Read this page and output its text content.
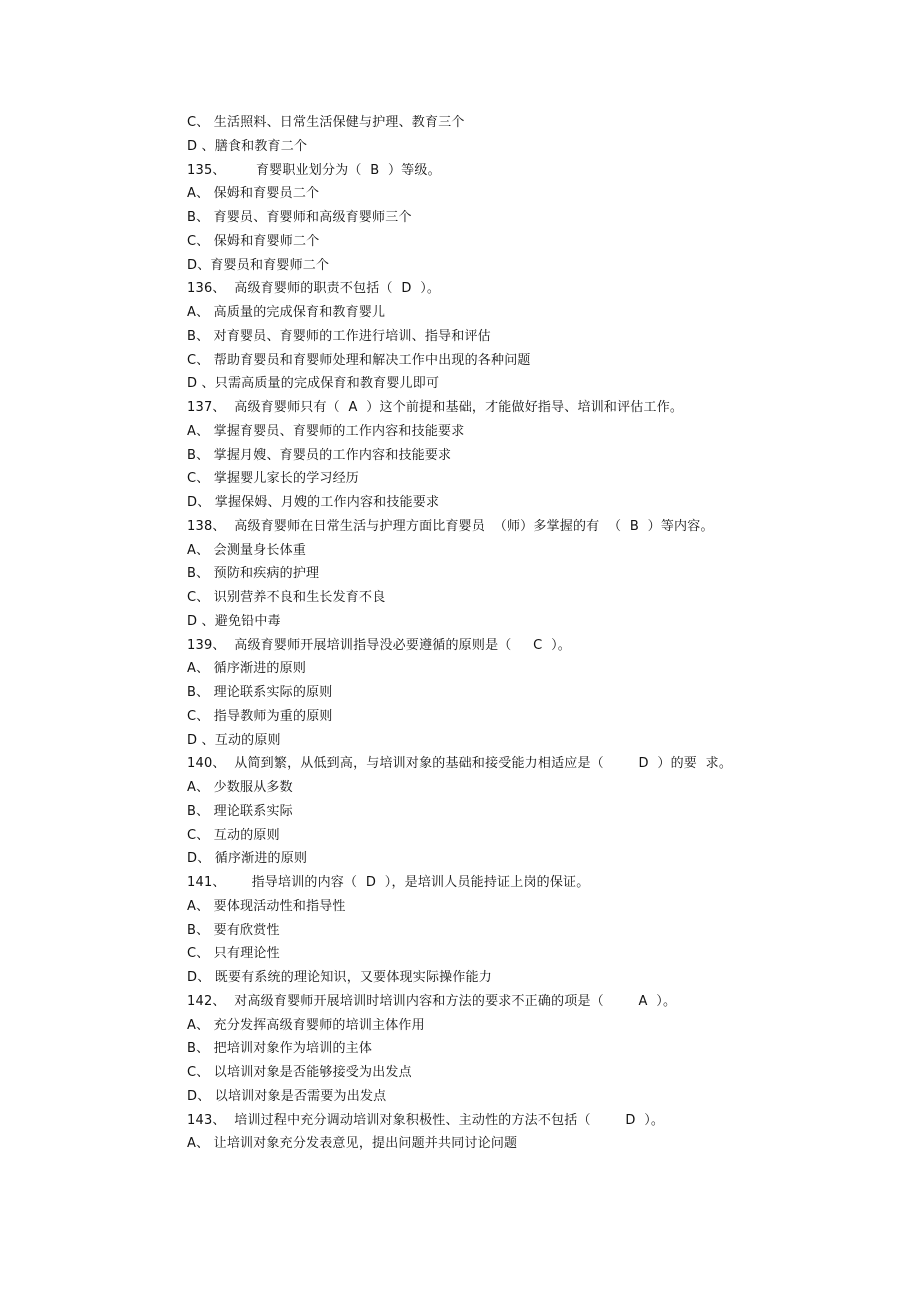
C、 生活照料、日常生活保健与护理、教育三个
D 、膳食和教育二个
135、       育婴职业划分为（  B  ）等级。
A、 保姆和育婴员二个
B、 育婴员、育婴师和高级育婴师三个
C、 保姆和育婴师二个
D、育婴员和育婴师二个
136、  高级育婴师的职责不包括（  D  ）。
A、 高质量的完成保育和教育婴儿
B、 对育婴员、育婴师的工作进行培训、指导和评估
C、 帮助育婴员和育婴师处理和解决工作中出现的各种问题
D 、只需高质量的完成保育和教育婴儿即可
137、  高级育婴师只有（  A  ）这个前提和基础，才能做好指导、培训和评估工作。
A、 掌握育婴员、育婴师的工作内容和技能要求
B、 掌握月嫂、育婴员的工作内容和技能要求
C、 掌握婴儿家长的学习经历
D、 掌握保姆、月嫂的工作内容和技能要求
138、  高级育婴师在日常生活与护理方面比育婴员  （师）多掌握的有  （  B  ）等内容。
A、 会测量身长体重
B、 预防和疾病的护理
C、 识别营养不良和生长发育不良
D 、避免铅中毒
139、  高级育婴师开展培训指导没必要遵循的原则是（     C  ）。
A、 循序渐进的原则
B、 理论联系实际的原则
C、 指导教师为重的原则
D 、互动的原则
140、  从简到繁，从低到高，与培训对象的基础和接受能力相适应是（        D  ）的要  求。
A、 少数服从多数
B、 理论联系实际
C、 互动的原则
D、 循序渐进的原则
141、      指导培训的内容（  D  ），是培训人员能持证上岗的保证。
A、 要体现活动性和指导性
B、 要有欣赏性
C、 只有理论性
D、 既要有系统的理论知识，又要体现实际操作能力
142、  对高级育婴师开展培训时培训内容和方法的要求不正确的项是（        A  ）。
A、 充分发挥高级育婴师的培训主体作用
B、 把培训对象作为培训的主体
C、 以培训对象是否能够接受为出发点
D、 以培训对象是否需要为出发点
143、  培训过程中充分调动培训对象积极性、主动性的方法不包括（        D  ）。
A、 让培训对象充分发表意见，提出问题并共同讨论问题
